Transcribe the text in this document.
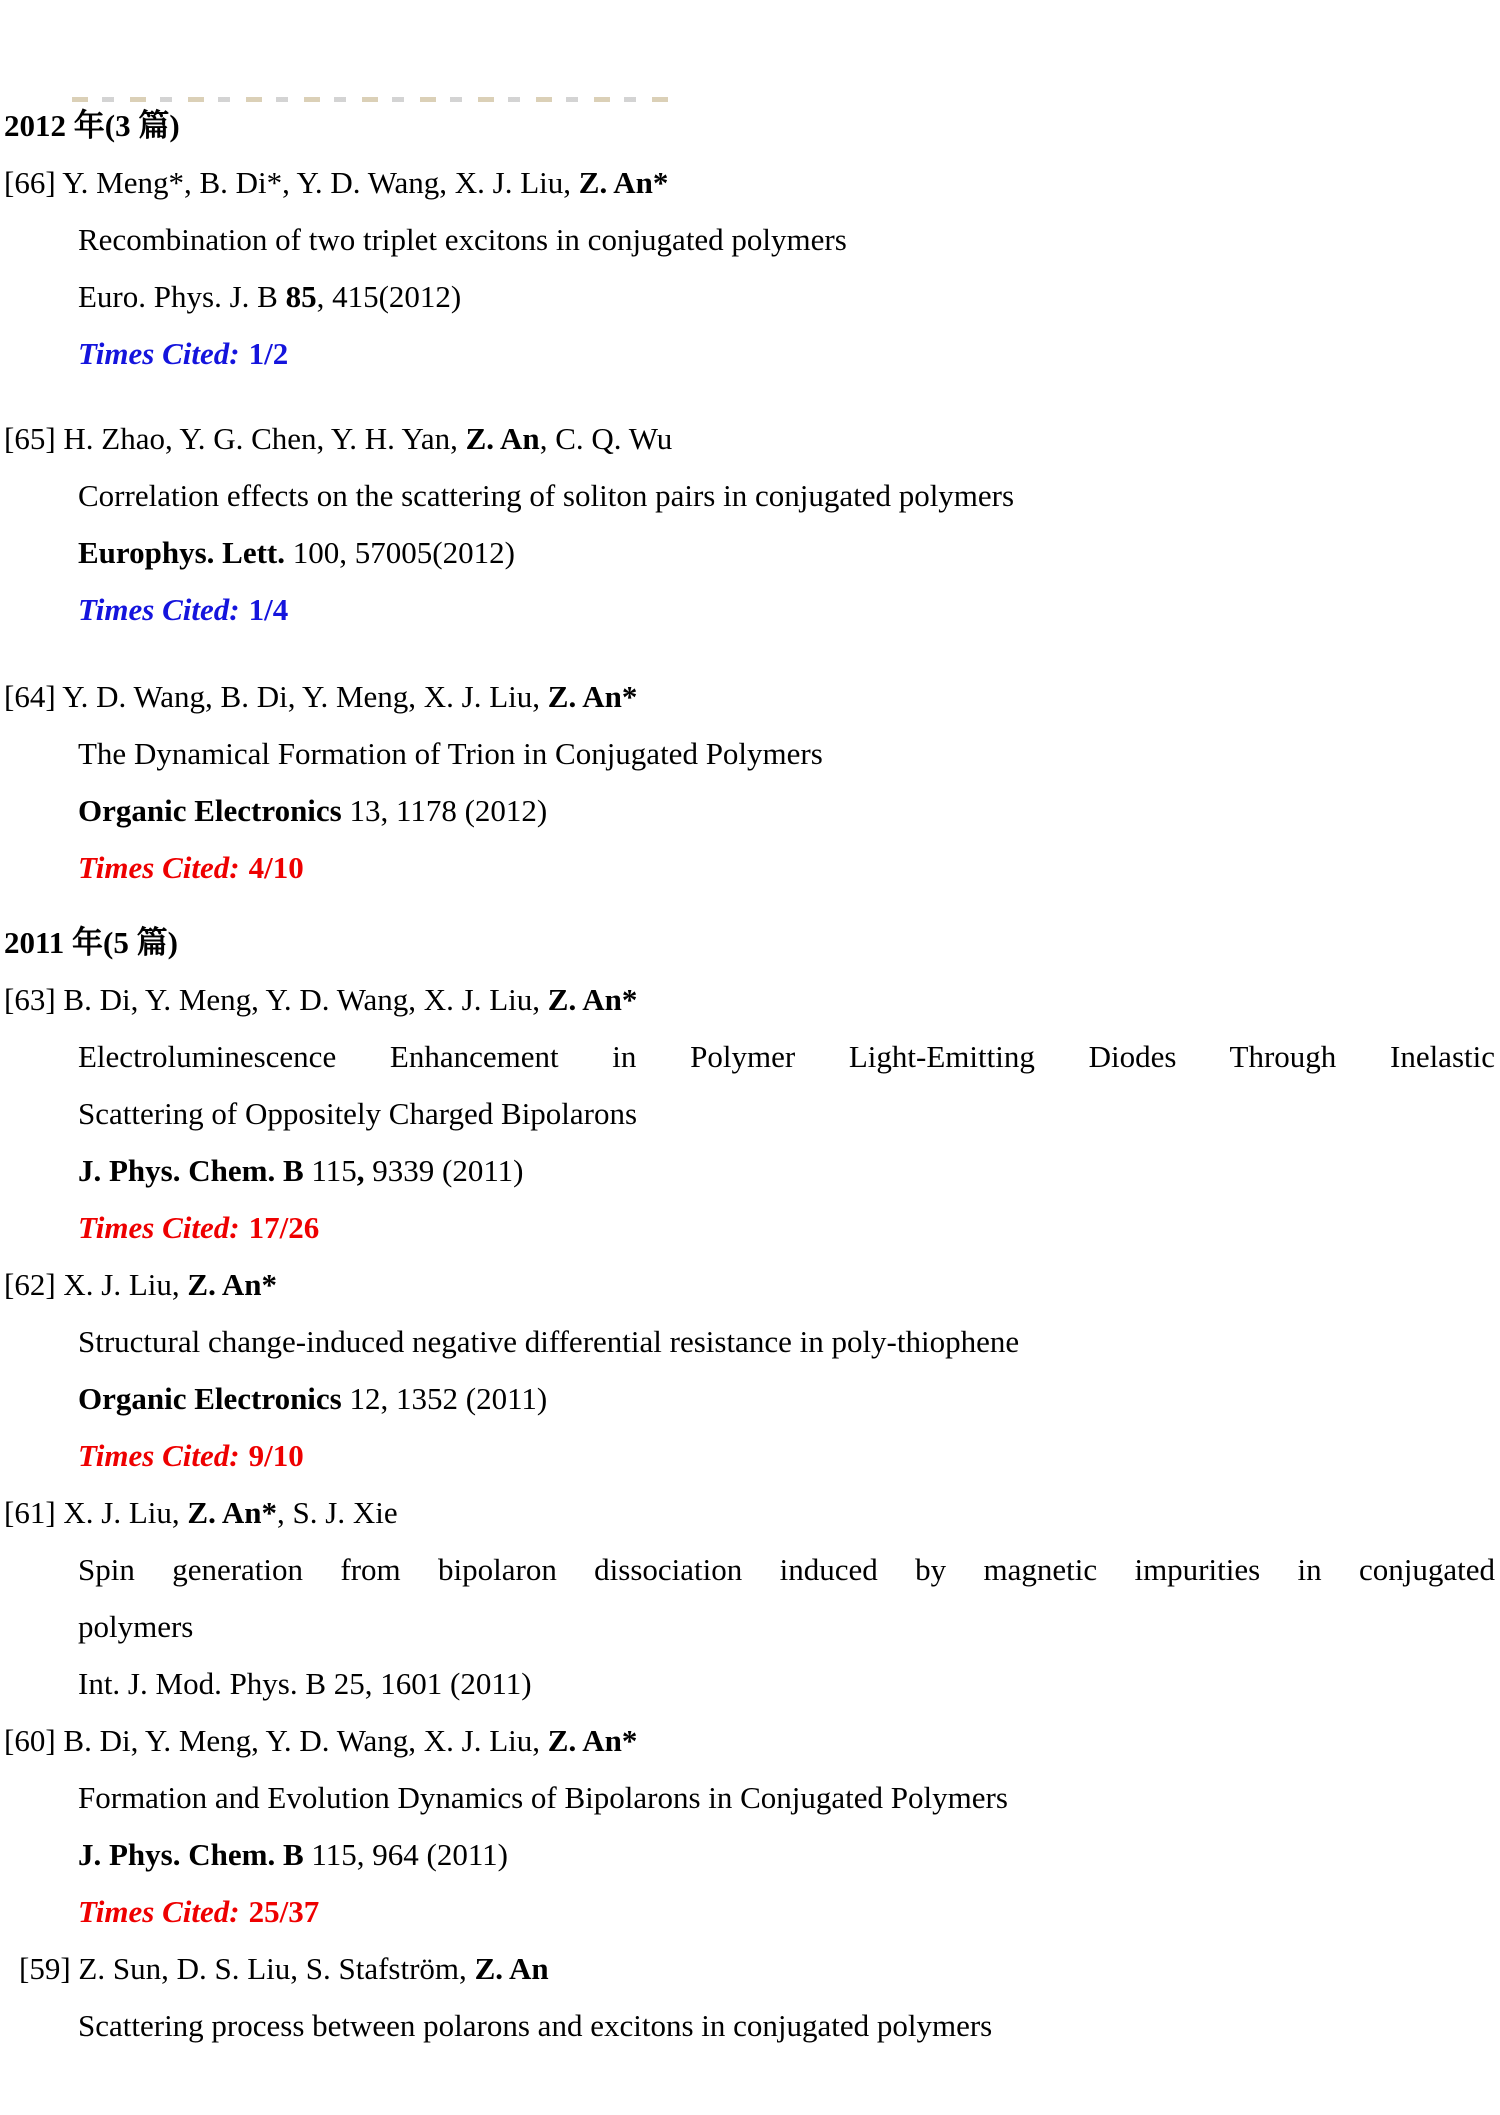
2012 年(3 篇)
[66] Y. Meng*, B. Di*, Y. D. Wang, X. J. Liu, Z. An*
Recombination of two triplet excitons in conjugated polymers
Euro. Phys. J. B 85, 415(2012)
Times Cited: 1/2
[65] H. Zhao, Y. G. Chen, Y. H. Yan, Z. An, C. Q. Wu
Correlation effects on the scattering of soliton pairs in conjugated polymers
Europhys. Lett. 100, 57005(2012)
Times Cited: 1/4
[64] Y. D. Wang, B. Di, Y. Meng, X. J. Liu, Z. An*
The Dynamical Formation of Trion in Conjugated Polymers
Organic Electronics 13, 1178 (2012)
Times Cited: 4/10
2011 年(5 篇)
[63] B. Di, Y. Meng, Y. D. Wang, X. J. Liu, Z. An*
Electroluminescence Enhancement in Polymer Light-Emitting Diodes Through Inelastic
Scattering of Oppositely Charged Bipolarons
J. Phys. Chem. B 115, 9339 (2011)
Times Cited: 17/26
[62] X. J. Liu, Z. An*
Structural change-induced negative differential resistance in poly-thiophene
Organic Electronics 12, 1352 (2011)
Times Cited: 9/10
[61] X. J. Liu, Z. An*, S. J. Xie
Spin generation from bipolaron dissociation induced by magnetic impurities in conjugated
polymers
Int. J. Mod. Phys. B 25, 1601 (2011)
[60] B. Di, Y. Meng, Y. D. Wang, X. J. Liu, Z. An*
Formation and Evolution Dynamics of Bipolarons in Conjugated Polymers
J. Phys. Chem. B 115, 964 (2011)
Times Cited: 25/37
[59] Z. Sun, D. S. Liu, S. Stafström, Z. An
Scattering process between polarons and excitons in conjugated polymers
